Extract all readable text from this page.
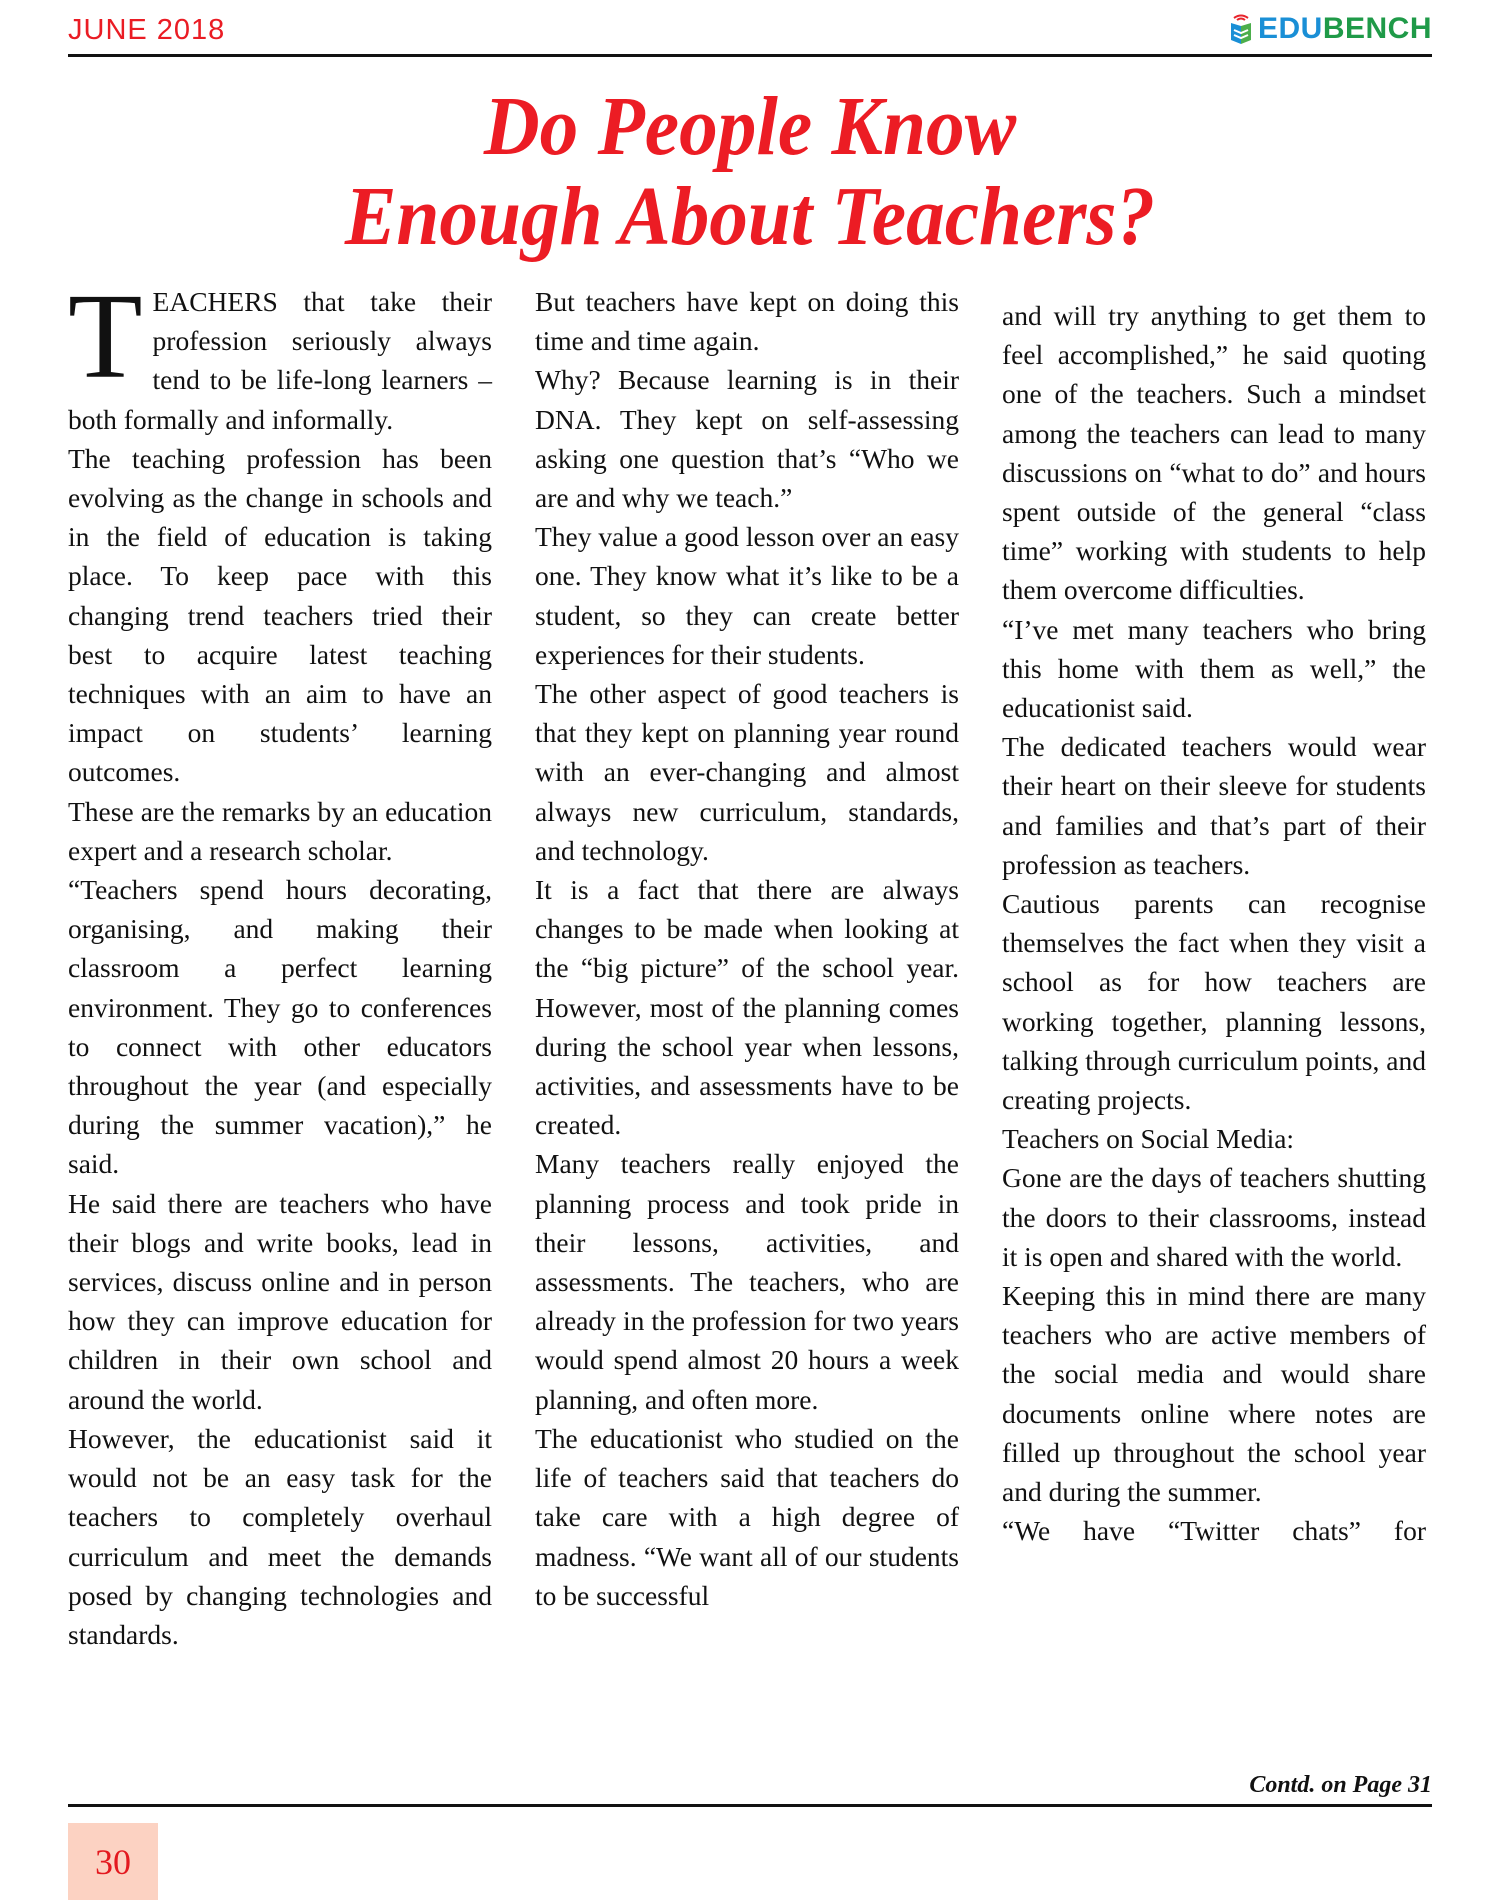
JUNE 2018	EDUBENCH
Do People Know
Enough About Teachers?

TEACHERS that take their profession seriously always tend to be life-long learners – both formally and informally.

The teaching profession has been evolving as the change in schools and in the field of education is taking place. To keep pace with this changing trend teachers tried their best to acquire latest teaching techniques with an aim to have an impact on students’ learning outcomes.

These are the remarks by an education expert and a research scholar.

“Teachers spend hours decorating, organising, and making their classroom a perfect learning environment. They go to conferences to connect with other educators throughout the year (and especially during the summer vacation),” he said.

He said there are teachers who have their blogs and write books, lead in services, discuss online and in person how they can improve education for children in their own school and around the world.

However, the educationist said it would not be an easy task for the teachers to completely overhaul curriculum and meet the demands posed by changing technologies and standards.

But teachers have kept on doing this time and time again.

Why? Because learning is in their DNA. They kept on self-assessing asking one question that’s “Who we are and why we teach.”

They value a good lesson over an easy one. They know what it’s like to be a student, so they can create better experiences for their students.

The other aspect of good teachers is that they kept on planning year round with an ever-changing and almost always new curriculum, standards, and technology.

It is a fact that there are always changes to be made when looking at the “big picture” of the school year. However, most of the planning comes during the school year when lessons, activities, and assessments have to be created.

Many teachers really enjoyed the planning process and took pride in their lessons, activities, and assessments. The teachers, who are already in the profession for two years would spend almost 20 hours a week planning, and often more.

The educationist who studied on the life of teachers said that teachers do take care with a high degree of madness. “We want all of our students to be successful

and will try anything to get them to feel accomplished,” he said quoting one of the teachers. Such a mindset among the teachers can lead to many discussions on “what to do” and hours spent outside of the general “class time” working with students to help them overcome difficulties.

“I’ve met many teachers who bring this home with them as well,” the educationist said.

The dedicated teachers would wear their heart on their sleeve for students and families and that’s part of their profession as teachers.

Cautious parents can recognise themselves the fact when they visit a school as for how teachers are working together, planning lessons, talking through curriculum points, and creating projects.

Teachers on Social Media:

Gone are the days of teachers shutting the doors to their classrooms, instead it is open and shared with the world.

Keeping this in mind there are many teachers who are active members of the social media and would share documents online where notes are filled up throughout the school year and during the summer.

“We have “Twitter chats” for

Contd. on Page 31
30
